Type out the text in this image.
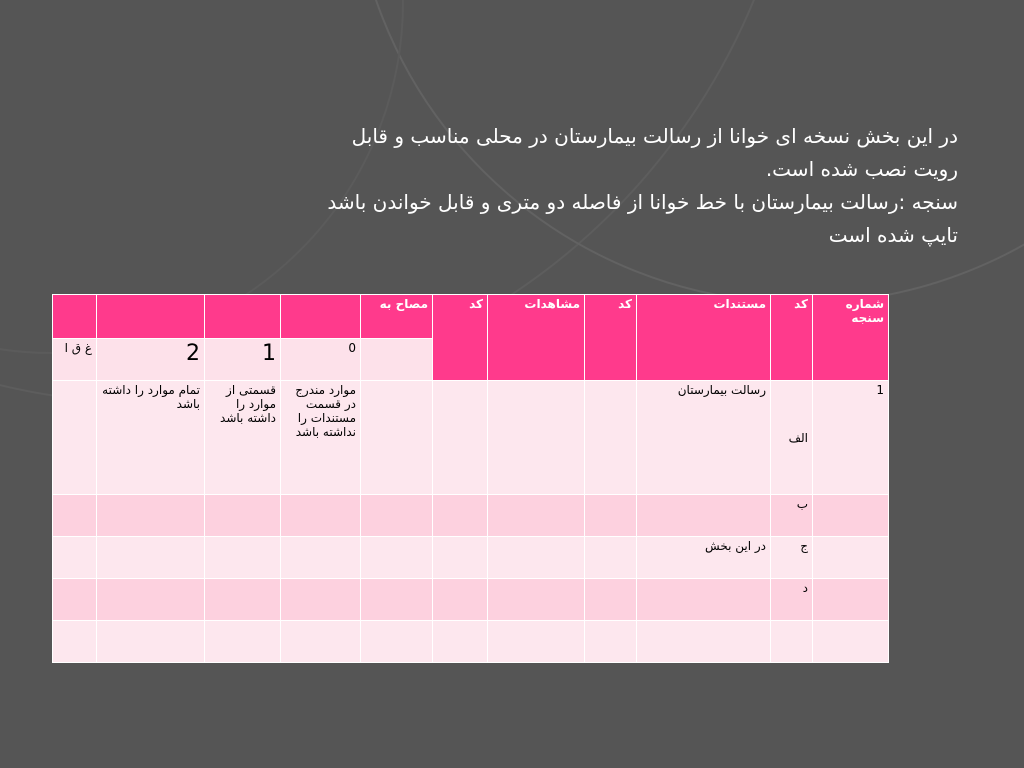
در این بخش نسخه ای خوانا از رسالت بیمارستان در محلی مناسب و قابل
رویت نصب شده است.
سنجه :رسالت بیمارستان با خط خوانا از فاصله دو متری و قابل خواندن باشد
تایپ شده است
				مصاح به	کد	مشاهدات	کد	مستندات	کد	شماره سنجه
غ ق ا	2	1	0							
	تمام موارد را داشته باشد	قسمتی از موارد را داشته باشد	موارد مندرج در قسمت مستندات را نداشته باشد					رسالت بیمارستان	الف	1
									ب	
								در این بخش	ج	
									د	
